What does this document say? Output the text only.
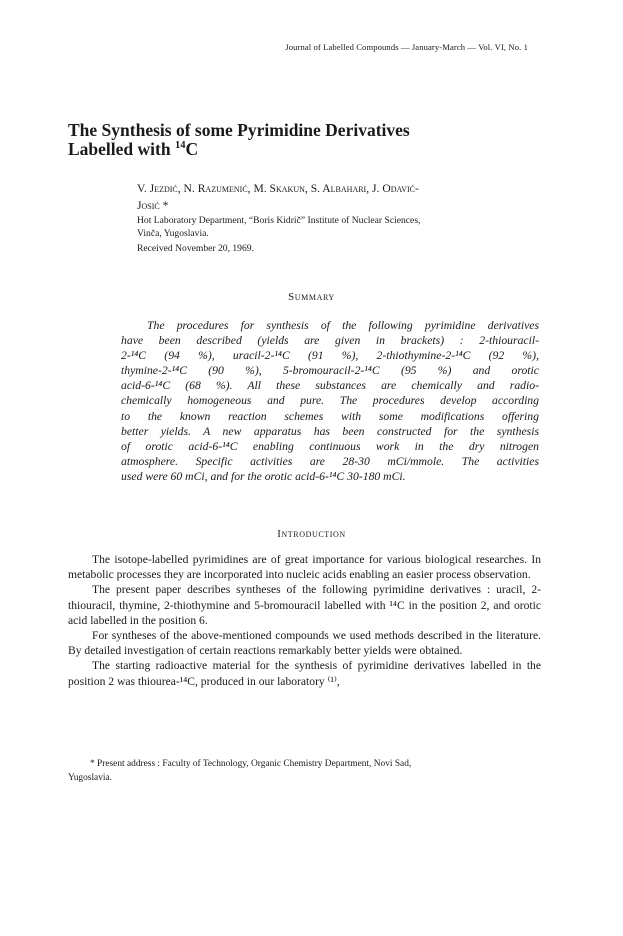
Journal of Labelled Compounds — January-March — Vol. VI, No. 1
The Synthesis of some Pyrimidine Derivatives
Labelled with $^{14}$C
V. Jezdić, N. Razumenić, M. Skakun, S. Albahari, J. Odavić-
Josić *
Hot Laboratory Department, “Boris Kidrič” Institute of Nuclear Sciences,
Vinča, Yugoslavia.
Received November 20, 1969.
Summary
The procedures for synthesis of the following pyrimidine derivatives
have been described (yields are given in brackets) : 2-thiouracil-
2-¹⁴C (94 %), uracil-2-¹⁴C (91 %), 2-thiothymine-2-¹⁴C (92 %),
thymine-2-¹⁴C (90 %), 5-bromouracil-2-¹⁴C (95 %) and orotic
acid-6-¹⁴C (68 %). All these substances are chemically and radio-
chemically homogeneous and pure. The procedures develop according
to the known reaction schemes with some modifications offering
better yields. A new apparatus has been constructed for the synthesis
of orotic acid-6-¹⁴C enabling continuous work in the dry nitrogen
atmosphere. Specific activities are 28-30 mCi/mmole. The activities
used were 60 mCi, and for the orotic acid-6-¹⁴C 30-180 mCi.
Introduction

The isotope-labelled pyrimidines are of great importance for various biological researches. In metabolic processes they are incorporated into nucleic acids enabling an easier process observation.

The present paper describes syntheses of the following pyrimidine derivatives : uracil, 2-thiouracil, thymine, 2-thiothymine and 5-bromouracil labelled with ¹⁴C in the position 2, and orotic acid labelled in the position 6.

For syntheses of the above-mentioned compounds we used methods described in the literature. By detailed investigation of certain reactions remarkably better yields were obtained.

The starting radioactive material for the synthesis of pyrimidine derivatives labelled in the position 2 was thiourea-¹⁴C, produced in our laboratory ⁽¹⁾,

* Present address : Faculty of Technology, Organic Chemistry Department, Novi Sad,
Yugoslavia.
